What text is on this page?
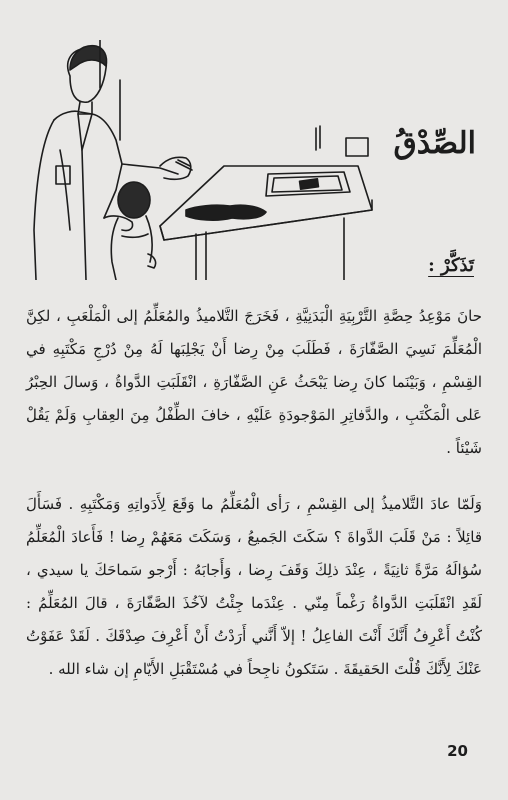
الصِّدْقُ
تَذَكَّرْ :

حانَ مَوْعِدُ حِصَّةِ التَّرْبِيَةِ الْبَدَنِيَّةِ ، فَخَرَجَ التَّلاميذُ والمُعَلِّمُ إلى الْمَلْعَبِ ، لكِنَّ الْمُعَلِّمَ نَسِيَ الصَّفّارَةَ ، فَطَلَبَ مِنْ رِضا أَنْ يَجْلِبَها لَهُ مِنْ دُرْجِ مَكْتَبِهِ في القِسْمِ ، وَبَيْنَما كانَ رِضا يَبْحَثُ عَنِ الصَّفّارَةِ ، انْقَلَبَتِ الدَّواةُ ، وَسالَ الحِبْرُ عَلى الْمَكْتَبِ ، والدَّفاتِرِ المَوْجودَةِ عَلَيْهِ ، خافَ الطِّفْلُ مِنَ العِقابِ وَلَمْ يَقُلْ شَيْئاً .

وَلَمّا عادَ التَّلاميذُ إلى القِسْمِ ، رَأى الْمُعَلِّمُ ما وَقَعَ لِأَدَواتِهِ وَمَكْتَبِهِ . فَسَأَلَ قائِلاً : مَنْ قَلَبَ الدَّواةَ ؟ سَكَتَ الجَميعُ ، وَسَكَتَ مَعَهُمْ رِضا ! فَأَعادَ الْمُعَلِّمُ سُؤالَهُ مَرَّةً ثانِيَةً ، عِنْدَ ذلِكَ وَقَفَ رِضا ، وَأَجابَهُ : أَرْجو سَماحَكَ يا سيدي ، لَقَدِ انْقَلَبَتِ الدَّواةُ رَغْماً مِنّي . عِنْدَما جِئْتُ لآخُذَ الصَّفّارَةَ ، قالَ المُعَلِّمُ : كُنْتُ أَعْرِفُ أَنَّكَ أَنْتَ الفاعِلُ ! إلاّ أَنَّني أَرَدْتُ أَنْ أَعْرِفَ صِدْقَكَ . لَقَدْ عَفَوْتُ عَنْكَ لِأَنَّكَ قُلْتَ الحَقيقَةَ . سَتَكونُ ناجِحاً في مُسْتَقْبَلِ الأَيّامِ إن شاء الله .

20
